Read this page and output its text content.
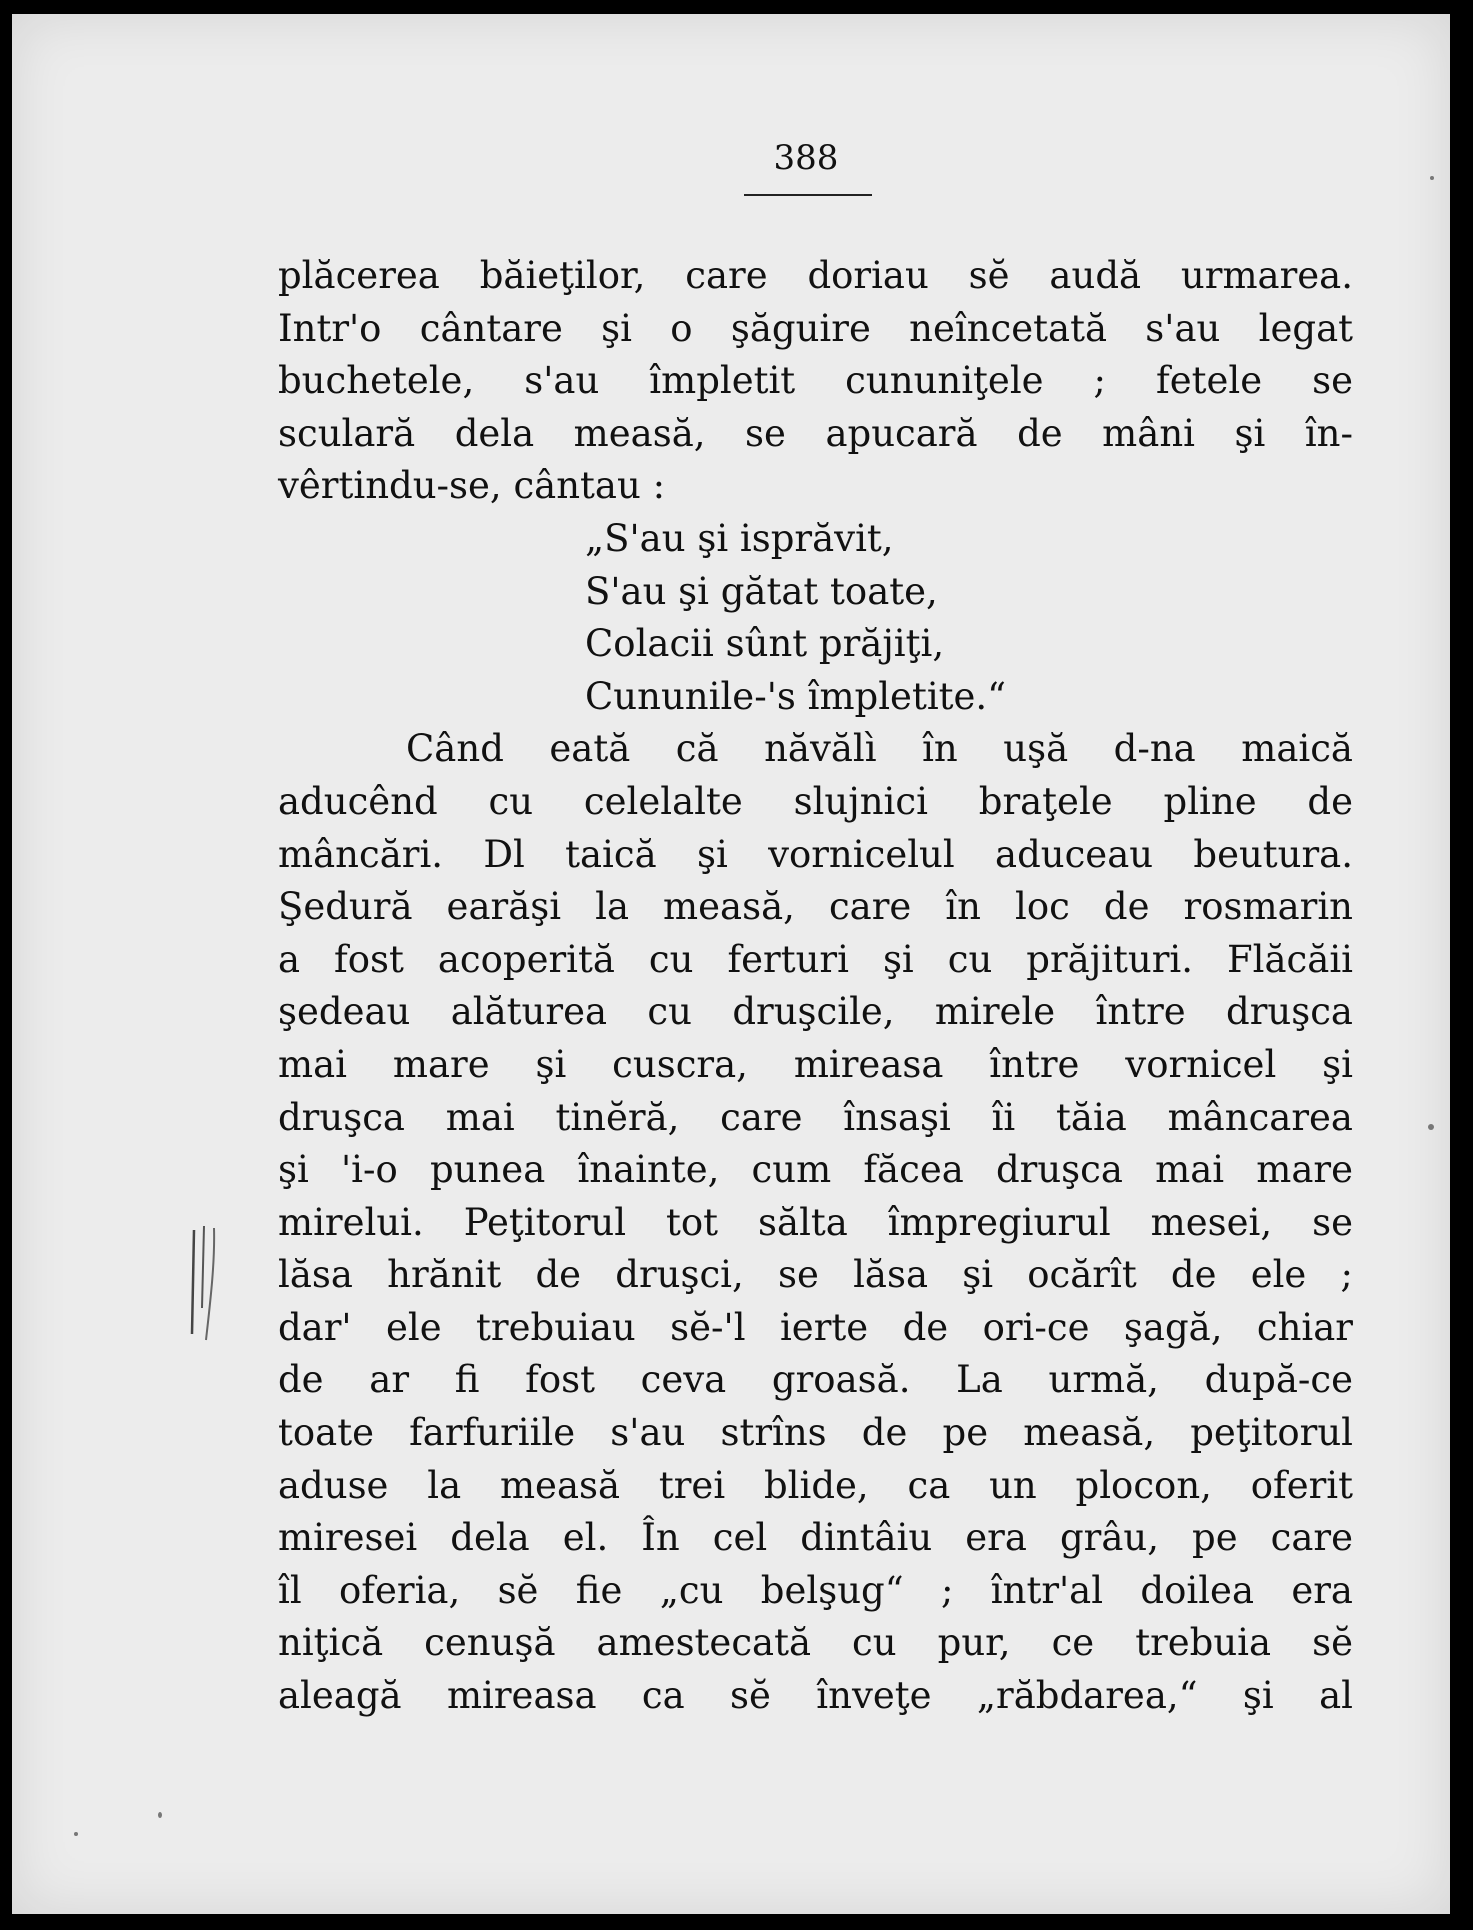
388
plăcerea băieţilor, care doriau sĕ audă urmarea.
Intr'o cântare şi o şăguire neîncetată s'au legat
buchetele, s'au împletit cununiţele ; fetele se
sculară dela measă, se apucară de mâni şi în-
vêrtindu-se, cântau :
„S'au şi isprăvit,
S'au şi gătat toate,
Colacii sûnt prăjiţi,
Cununile-'s împletite.“
Când eată că năvălì în uşă d-na maică
aducênd cu celelalte slujnici braţele pline de
mâncări. Dl taică şi vornicelul aduceau beutura.
Şedură earăşi la measă, care în loc de rosmarin
a fost acoperită cu ferturi şi cu prăjituri. Flăcăii
şedeau alăturea cu druşcile, mirele între druşca
mai mare şi cuscra, mireasa între vornicel şi
druşca mai tinĕră, care însaşi îi tăia mâncarea
şi 'i-o punea înainte, cum făcea druşca mai mare
mirelui. Peţitorul tot sălta împregiurul mesei, se
lăsa hrănit de druşci, se lăsa şi ocărît de ele ;
dar' ele trebuiau sĕ-'l ierte de ori-ce şagă, chiar
de ar fi fost ceva groasă. La urmă, după-ce
toate farfuriile s'au strîns de pe measă, peţitorul
aduse la measă trei blide, ca un plocon, oferit
miresei dela el. În cel dintâiu era grâu, pe care
îl oferia, sĕ fie „cu belşug“ ; într'al doilea era
niţică cenuşă amestecată cu pur, ce trebuia sĕ
aleagă mireasa ca sĕ înveţe „răbdarea,“ şi al
